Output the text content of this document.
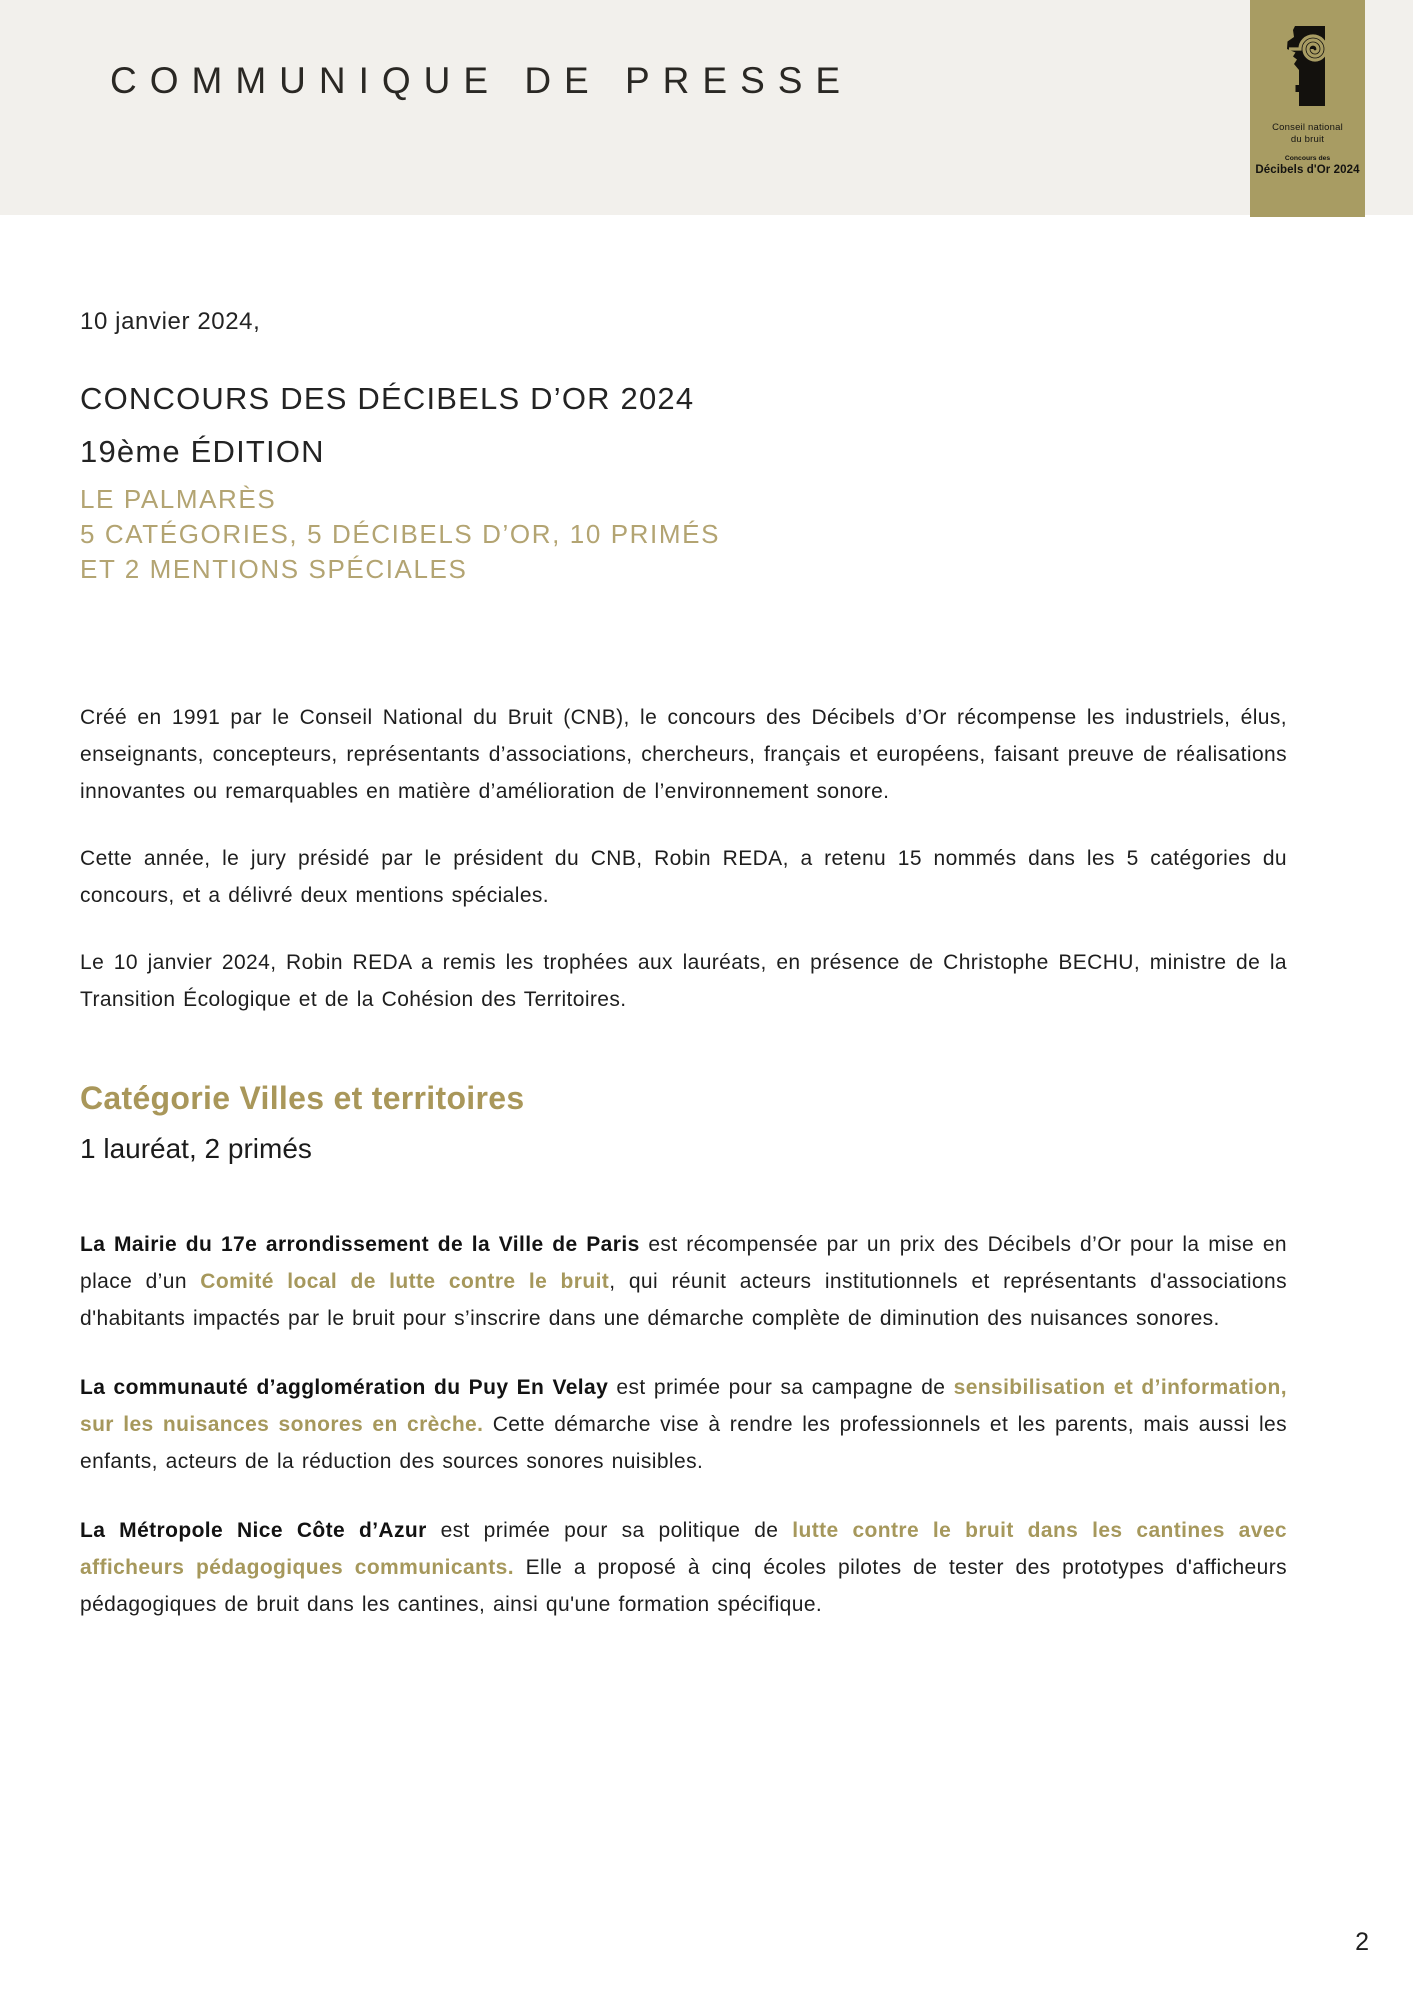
COMMUNIQUE DE PRESSE
Conseil national
du bruit
Concours des
Décibels d'Or 2024

10 janvier 2024,

CONCOURS DES DÉCIBELS D’OR 2024
19ème ÉDITION
LE PALMARÈS
5 CATÉGORIES, 5 DÉCIBELS D’OR, 10 PRIMÉS
ET 2 MENTIONS SPÉCIALES

Créé en 1991 par le Conseil National du Bruit (CNB), le concours des Décibels d’Or récompense les industriels, élus, enseignants, concepteurs, représentants d’associations, chercheurs, français et européens, faisant preuve de réalisations innovantes ou remarquables en matière d’amélioration de l’environnement sonore.

Cette année, le jury présidé par le président du CNB, Robin REDA, a retenu 15 nommés dans les 5 catégories du concours, et a délivré deux mentions spéciales.

Le 10 janvier 2024, Robin REDA a remis les trophées aux lauréats, en présence de Christophe BECHU, ministre de la Transition Écologique et de la Cohésion des Territoires.

Catégorie Villes et territoires

1 lauréat, 2 primés

La Mairie du 17e arrondissement de la Ville de Paris est récompensée par un prix des Décibels d’Or pour la mise en place d’un Comité local de lutte contre le bruit, qui réunit acteurs institutionnels et représentants d'associations d'habitants impactés par le bruit pour s’inscrire dans une démarche complète de diminution des nuisances sonores.

La communauté d’agglomération du Puy En Velay est primée pour sa campagne de sensibilisation et d’information, sur les nuisances sonores en crèche. Cette démarche vise à rendre les professionnels et les parents, mais aussi les enfants, acteurs de la réduction des sources sonores nuisibles.

La Métropole Nice Côte d’Azur est primée pour sa politique de lutte contre le bruit dans les cantines avec afficheurs pédagogiques communicants. Elle a proposé à cinq écoles pilotes de tester des prototypes d'afficheurs pédagogiques de bruit dans les cantines, ainsi qu'une formation spécifique.

2
